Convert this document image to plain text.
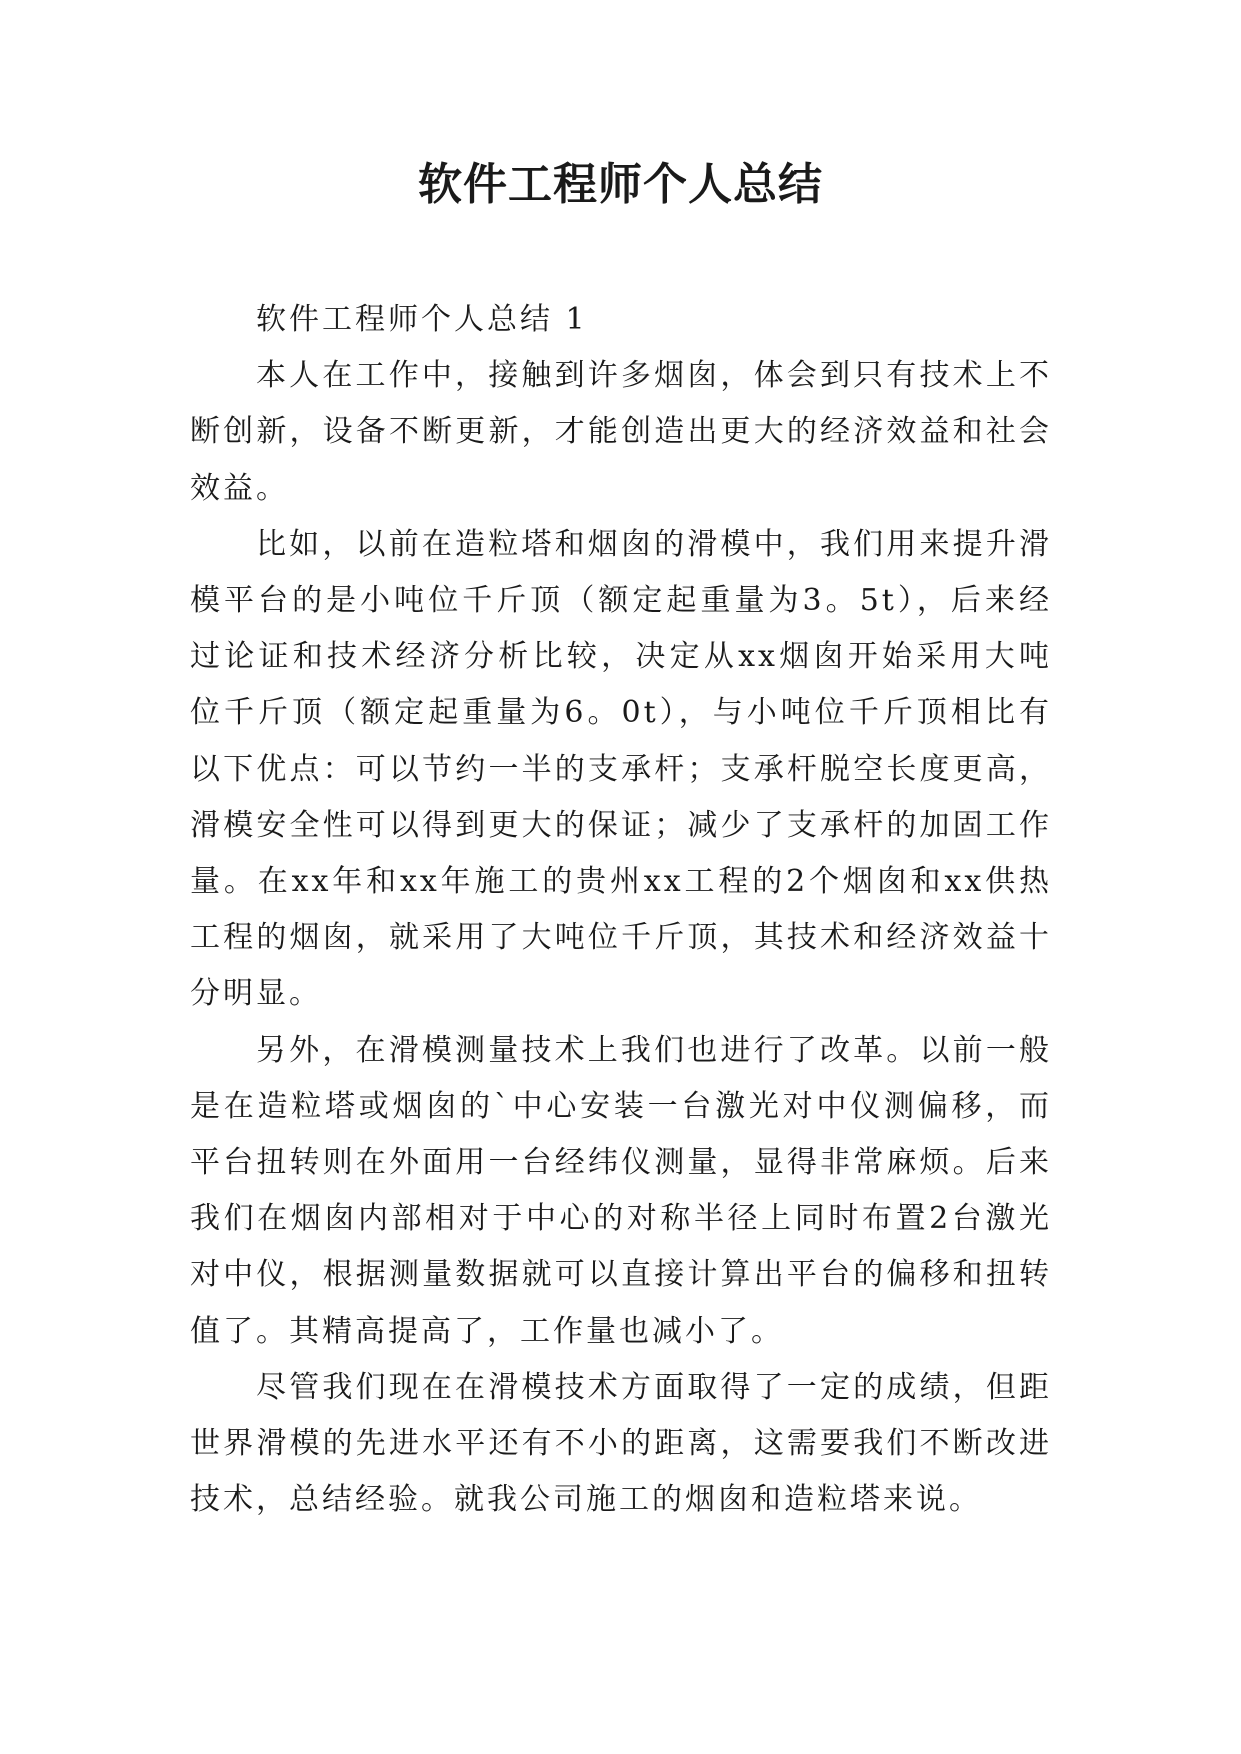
软件工程师个人总结

软件工程师个人总结 1

本人在工作中，接触到许多烟囱，体会到只有技术上不断创新，设备不断更新，才能创造出更大的经济效益和社会效益。

比如，以前在造粒塔和烟囱的滑模中，我们用来提升滑模平台的是小吨位千斤顶（额定起重量为3。5t），后来经过论证和技术经济分析比较，决定从xx烟囱开始采用大吨位千斤顶（额定起重量为6。0t），与小吨位千斤顶相比有以下优点：可以节约一半的支承杆；支承杆脱空长度更高，滑模安全性可以得到更大的保证；减少了支承杆的加固工作量。在xx年和xx年施工的贵州xx工程的2个烟囱和xx供热工程的烟囱，就采用了大吨位千斤顶，其技术和经济效益十分明显。

另外，在滑模测量技术上我们也进行了改革。以前一般是在造粒塔或烟囱的`中心安装一台激光对中仪测偏移，而平台扭转则在外面用一台经纬仪测量，显得非常麻烦。后来我们在烟囱内部相对于中心的对称半径上同时布置2台激光对中仪，根据测量数据就可以直接计算出平台的偏移和扭转值了。其精高提高了，工作量也减小了。

尽管我们现在在滑模技术方面取得了一定的成绩，但距世界滑模的先进水平还有不小的距离，这需要我们不断改进技术，总结经验。就我公司施工的烟囱和造粒塔来说。
